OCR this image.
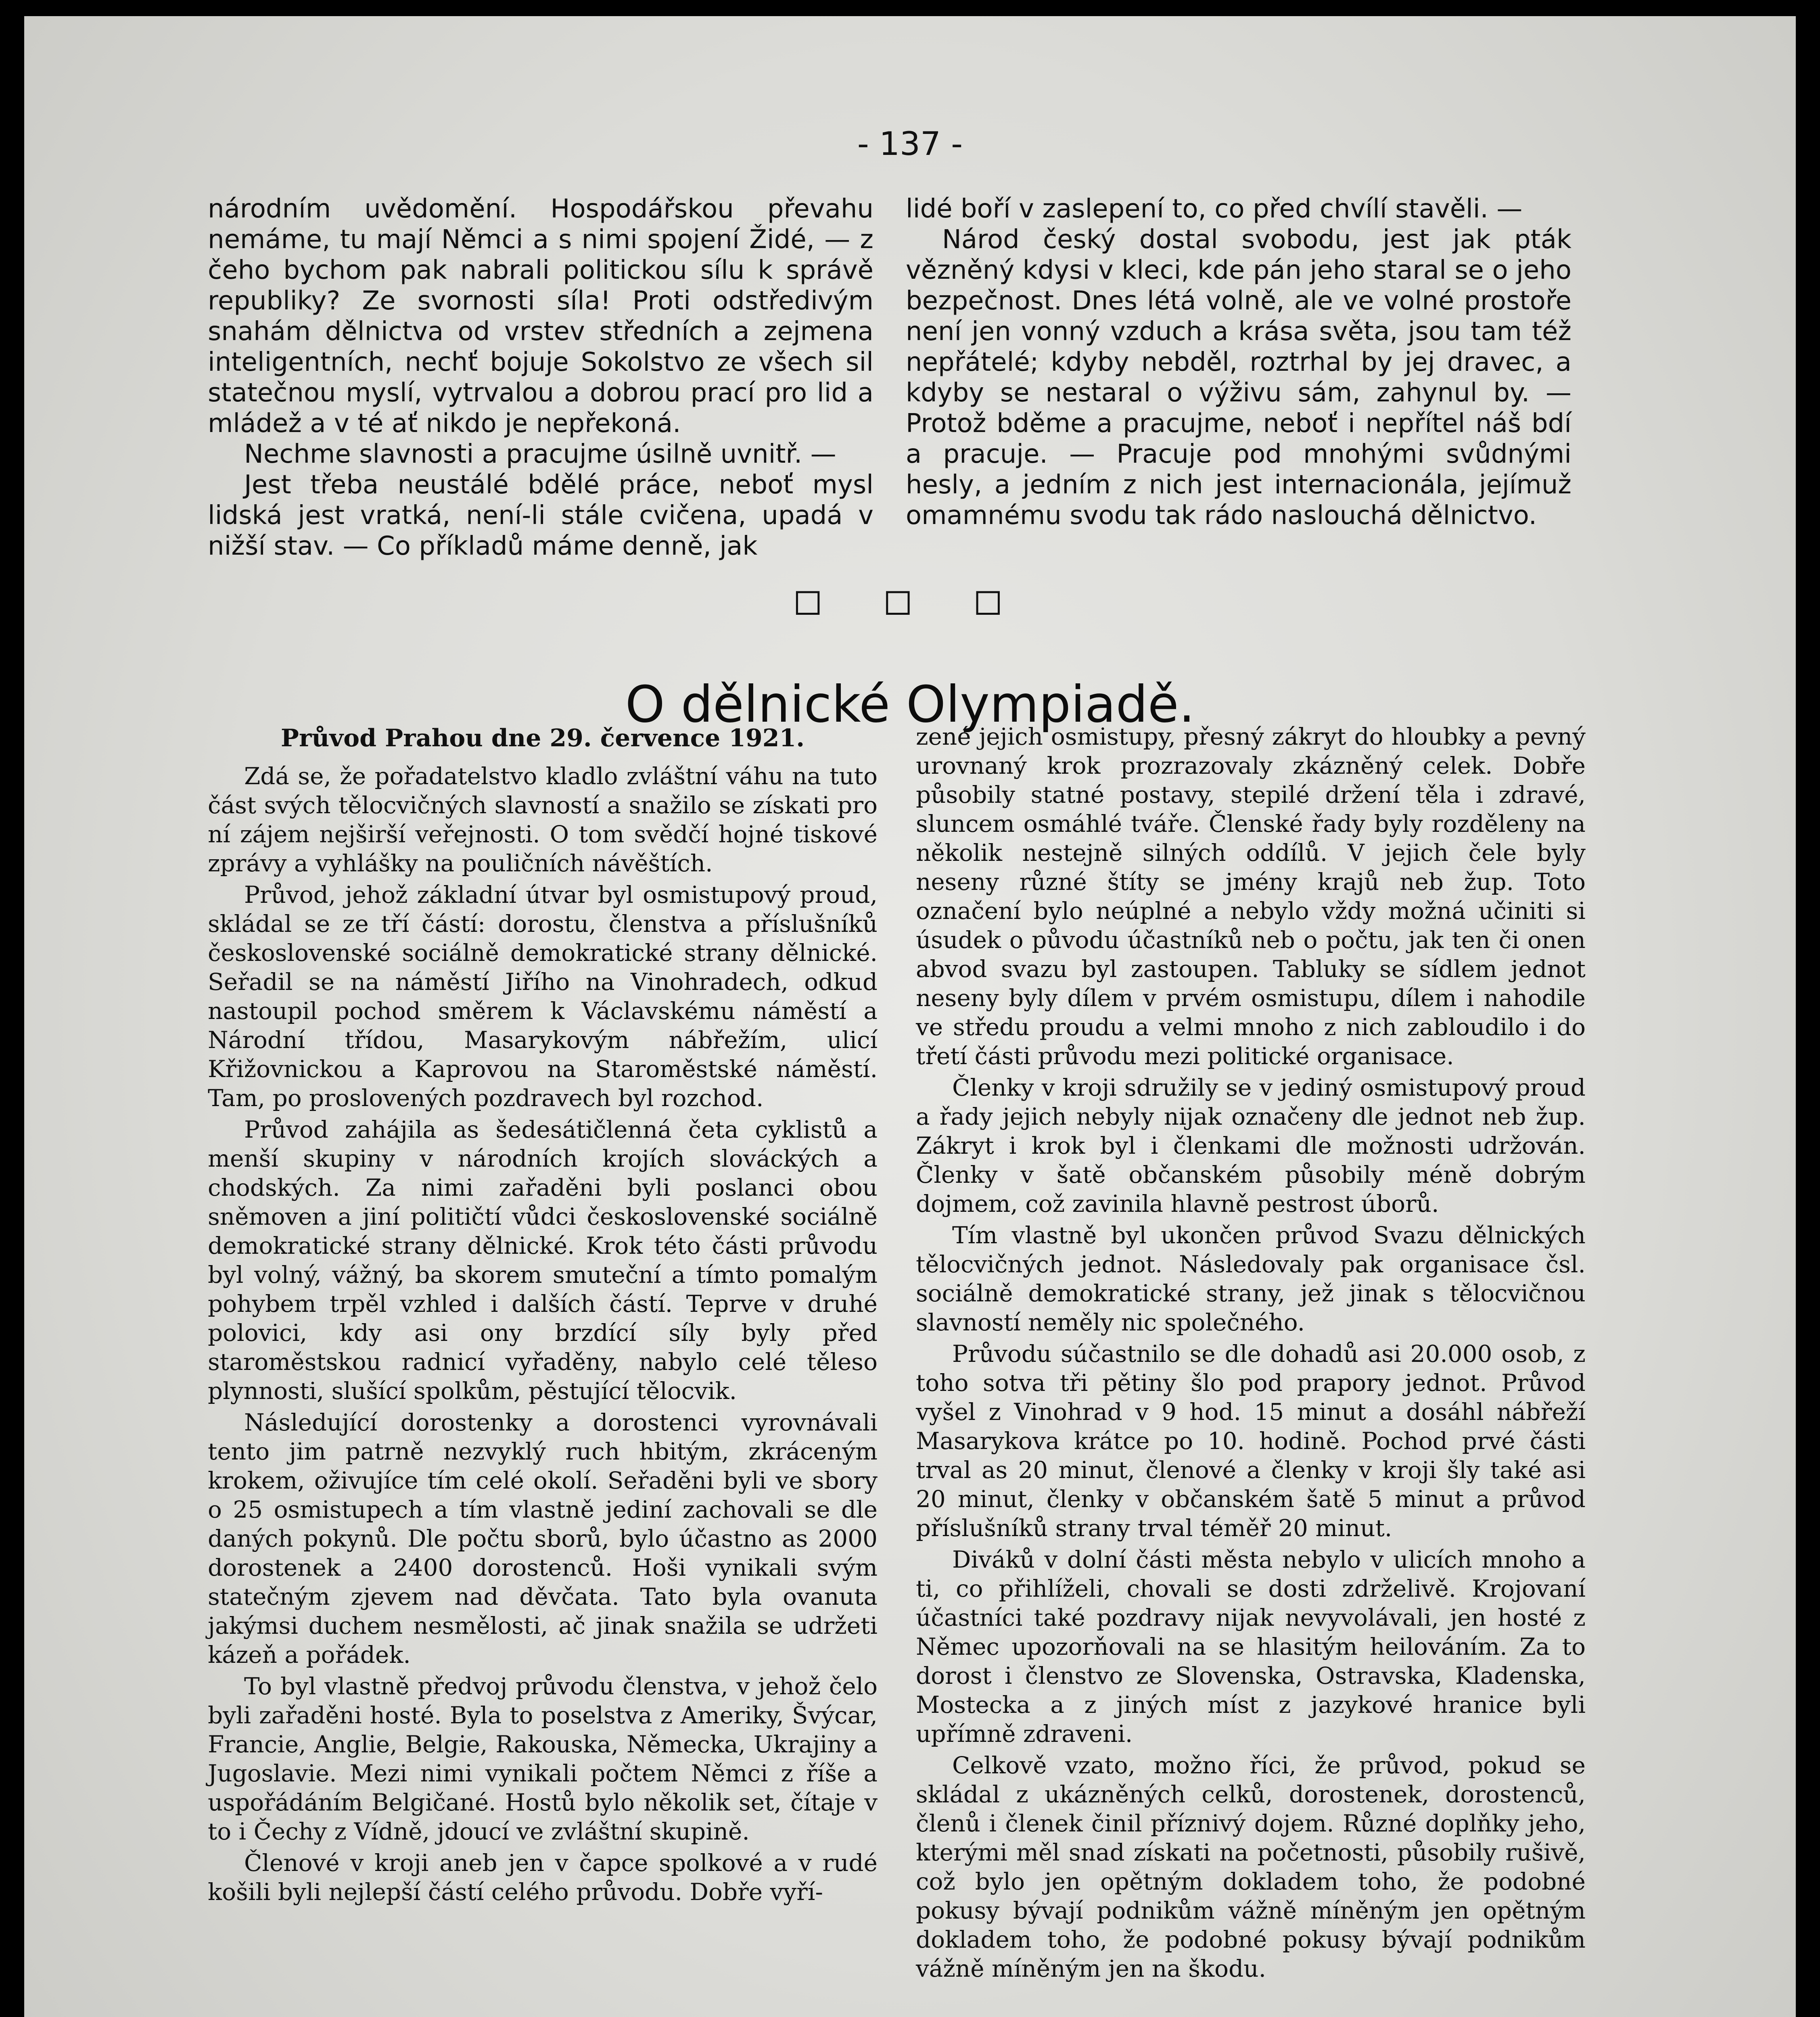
- 137 -

národním uvědomění. Hospodářskou převahu nemáme, tu mají Němci a s nimi spojení Židé, — z čeho bychom pak nabrali politickou sílu k správě republiky? Ze svornosti síla! Proti odstředivým snahám dělnictva od vrstev středních a zejmena inteligentních, nechť bojuje Sokolstvo ze všech sil statečnou myslí, vytrvalou a dobrou prací pro lid a mládež a v té ať nikdo je nepřekoná.

Nechme slavnosti a pracujme úsilně uvnitř. —

Jest třeba neustálé bdělé práce, neboť mysl lidská jest vratká, není-li stále cvičena, upadá v nižší stav. — Co příkladů máme denně, jak

lidé boří v zaslepení to, co před chvílí stavěli. —

Národ český dostal svobodu, jest jak pták vězněný kdysi v kleci, kde pán jeho staral se o jeho bezpečnost. Dnes létá volně, ale ve volné prostoře není jen vonný vzduch a krása světa, jsou tam též nepřátelé; kdyby nebděl, roztrhal by jej dravec, a kdyby se nestaral o výživu sám, zahynul by. — Protož bděme a pracujme, neboť i nepřítel náš bdí a pracuje. — Pracuje pod mnohými svůdnými hesly, a jedním z nich jest internacionála, jejímuž omamnému svodu tak rádo naslouchá dělnictvo.

◻ ◻ ◻
O dělnické Olympiadě.

Průvod Prahou dne 29. července 1921.

Zdá se, že pořadatelstvo kladlo zvláštní váhu na tuto část svých tělocvičných slavností a snažilo se získati pro ní zájem nejširší veřejnosti. O tom svědčí hojné tiskové zprávy a vyhlášky na pouličních návěštích.

Průvod, jehož základní útvar byl osmistupový proud, skládal se ze tří částí: dorostu, členstva a příslušníků československé sociálně demokratické strany dělnické. Seřadil se na náměstí Jiřího na Vinohradech, odkud nastoupil pochod směrem k Václavskému náměstí a Národní třídou, Masarykovým nábřežím, ulicí Křižovnickou a Kaprovou na Staroměstské náměstí. Tam, po proslovených pozdravech byl rozchod.

Průvod zahájila as šedesátičlenná četa cyklistů a menší skupiny v národních krojích slováckých a chodských. Za nimi zařaděni byli poslanci obou sněmoven a jiní političtí vůdci československé sociálně demokratické strany dělnické. Krok této části průvodu byl volný, vážný, ba skorem smuteční a tímto pomalým pohybem trpěl vzhled i dalších částí. Teprve v druhé polovici, kdy asi ony brzdící síly byly před staroměstskou radnicí vyřaděny, nabylo celé těleso plynnosti, slušící spolkům, pěstující tělocvik.

Následující dorostenky a dorostenci vyrovnávali tento jim patrně nezvyklý ruch hbitým, zkráceným krokem, oživujíce tím celé okolí. Seřaděni byli ve sbory o 25 osmistupech a tím vlastně jediní zachovali se dle daných pokynů. Dle počtu sborů, bylo účastno as 2000 dorostenek a 2400 dorostenců. Hoši vynikali svým statečným zjevem nad děvčata. Tato byla ovanuta jakýmsi duchem nesmělosti, ač jinak snažila se udržeti kázeň a pořádek.

To byl vlastně předvoj průvodu členstva, v jehož čelo byli zařaděni hosté. Byla to poselstva z Ameriky, Švýcar, Francie, Anglie, Belgie, Rakouska, Německa, Ukrajiny a Jugoslavie. Mezi nimi vynikali počtem Němci z říše a uspořádáním Belgičané. Hostů bylo několik set, čítaje v to i Čechy z Vídně, jdoucí ve zvláštní skupině.

Členové v kroji aneb jen v čapce spolkové a v rudé košili byli nejlepší částí celého průvodu. Dobře vyří-

zené jejich osmistupy, přesný zákryt do hloubky a pevný urovnaný krok prozrazovaly zkázněný celek. Dobře působily statné postavy, stepilé držení těla i zdravé, sluncem osmáhlé tváře. Členské řady byly rozděleny na několik nestejně silných oddílů. V jejich čele byly neseny různé štíty se jmény krajů neb žup. Toto označení bylo neúplné a nebylo vždy možná učiniti si úsudek o původu účastníků neb o počtu, jak ten či onen abvod svazu byl zastoupen. Tabluky se sídlem jednot neseny byly dílem v prvém osmistupu, dílem i nahodile ve středu proudu a velmi mnoho z nich zabloudilo i do třetí části průvodu mezi politické organisace.

Členky v kroji sdružily se v jediný osmistupový proud a řady jejich nebyly nijak označeny dle jednot neb žup. Zákryt i krok byl i členkami dle možnosti udržován. Členky v šatě občanském působily méně dobrým dojmem, což zavinila hlavně pestrost úborů.

Tím vlastně byl ukončen průvod Svazu dělnických tělocvičných jednot. Následovaly pak organisace čsl. sociálně demokratické strany, jež jinak s tělocvičnou slavností neměly nic společného.

Průvodu súčastnilo se dle dohadů asi 20.000 osob, z toho sotva tři pětiny šlo pod prapory jednot. Průvod vyšel z Vinohrad v 9 hod. 15 minut a dosáhl nábřeží Masarykova krátce po 10. hodině. Pochod prvé části trval as 20 minut, členové a členky v kroji šly také asi 20 minut, členky v občanském šatě 5 minut a průvod příslušníků strany trval téměř 20 minut.

Diváků v dolní části města nebylo v ulicích mnoho a ti, co přihlíželi, chovali se dosti zdrželivě. Krojovaní účastníci také pozdravy nijak nevyvolávali, jen hosté z Němec upozorňovali na se hlasitým heilováním. Za to dorost i členstvo ze Slovenska, Ostravska, Kladenska, Mostecka a z jiných míst z jazykové hranice byli upřímně zdraveni.

Celkově vzato, možno říci, že průvod, pokud se skládal z ukázněných celků, dorostenek, dorostenců, členů i členek činil příznivý dojem. Různé doplňky jeho, kterými měl snad získati na početnosti, působily rušivě, což bylo jen opětným dokladem toho, že podobné pokusy bývají podnikům vážně míněným jen opětným dokladem toho, že podobné pokusy bývají podnikům vážně míněným jen na škodu.
